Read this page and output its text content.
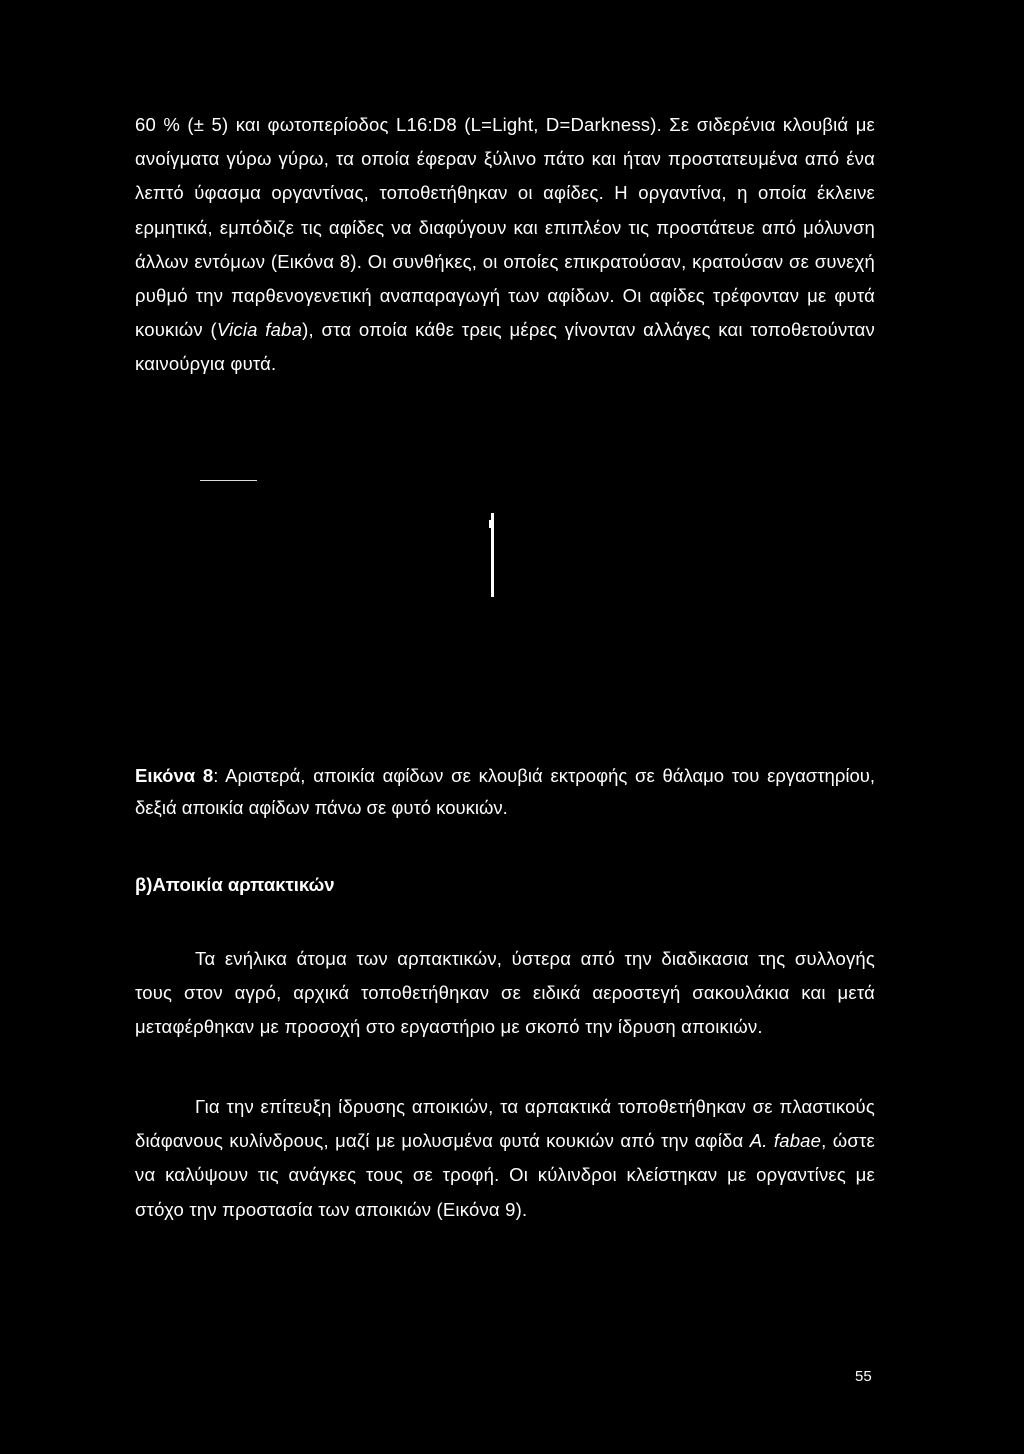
60 % (± 5) και φωτοπερίοδος L16:D8 (L=Light, D=Darkness). Σε σιδερένια κλουβιά με ανοίγματα γύρω γύρω, τα οποία έφεραν ξύλινο πάτο και ήταν προστατευμένα από ένα λεπτό ύφασμα οργαντίνας, τοποθετήθηκαν οι αφίδες. Η οργαντίνα, η οποία έκλεινε ερμητικά, εμπόδιζε τις αφίδες να διαφύγουν και επιπλέον τις προστάτευε από μόλυνση άλλων εντόμων (Εικόνα 8). Οι συνθήκες, οι οποίες επικρατούσαν, κρατούσαν σε συνεχή ρυθμό την παρθενογενετική αναπαραγωγή των αφίδων. Οι αφίδες τρέφονταν με φυτά κουκιών (Vicia faba), στα οποία κάθε τρεις μέρες γίνονταν αλλάγες και τοποθετούνταν καινούργια φυτά.

Εικόνα 8: Αριστερά, αποικία αφίδων σε κλουβιά εκτροφής σε θάλαμο του εργαστηρίου, δεξιά αποικία αφίδων πάνω σε φυτό κουκιών.

β)Αποικία αρπακτικών

Τα ενήλικα άτομα των αρπακτικών, ύστερα από την διαδικασια της συλλογής τους στον αγρό, αρχικά τοποθετήθηκαν σε ειδικά αεροστεγή σακουλάκια και μετά μεταφέρθηκαν με προσοχή στο εργαστήριο με σκοπό την ίδρυση αποικιών.

Για την επίτευξη ίδρυσης αποικιών, τα αρπακτικά τοποθετήθηκαν σε πλαστικούς διάφανους κυλίνδρους, μαζί με μολυσμένα φυτά κουκιών από την αφίδα A. fabae, ώστε να καλύψουν τις ανάγκες τους σε τροφή. Οι κύλινδροι κλείστηκαν με οργαντίνες με στόχο την προστασία των αποικιών (Εικόνα 9).

55
